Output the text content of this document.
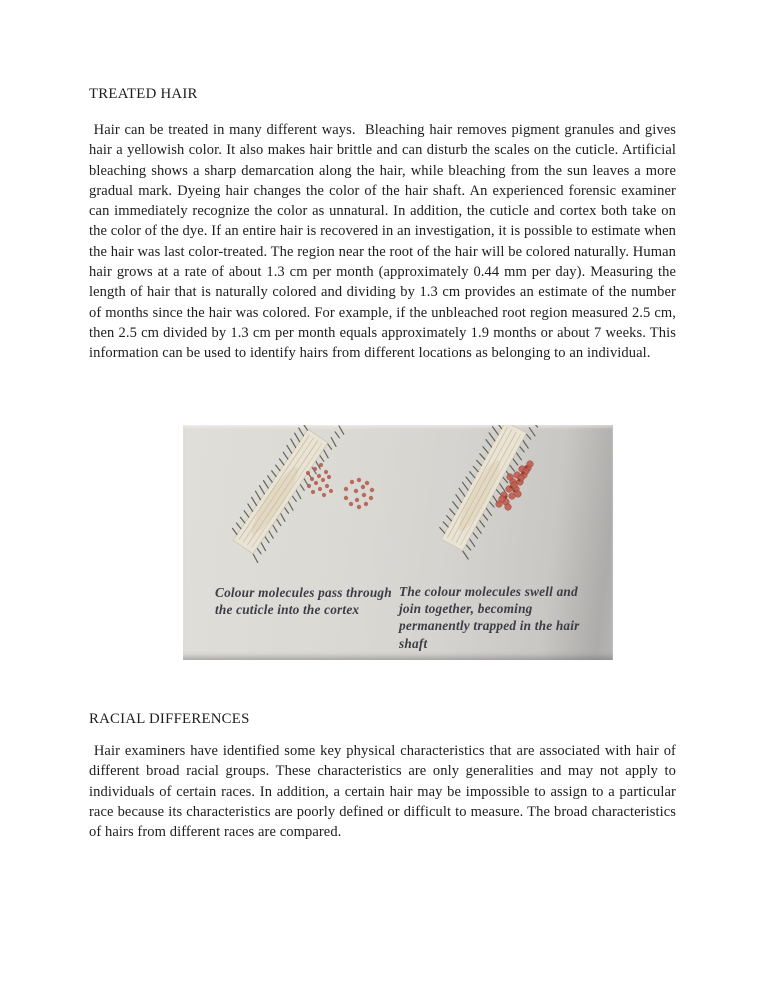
TREATED HAIR

Hair can be treated in many different ways.  Bleaching hair removes pigment granules and gives hair a yellowish color. It also makes hair brittle and can disturb the scales on the cuticle. Artificial bleaching shows a sharp demarcation along the hair, while bleaching from the sun leaves a more gradual mark. Dyeing hair changes the color of the hair shaft. An experienced forensic examiner can immediately recognize the color as unnatural. In addition, the cuticle and cortex both take on the color of the dye. If an entire hair is recovered in an investigation, it is possible to estimate when the hair was last color-treated. The region near the root of the hair will be colored naturally. Human hair grows at a rate of about 1.3 cm per month (approximately 0.44 mm per day). Measuring the length of hair that is naturally colored and dividing by 1.3 cm provides an estimate of the number of months since the hair was colored. For example, if the unbleached root region measured 2.5 cm, then 2.5 cm divided by 1.3 cm per month equals approximately 1.9 months or about 7 weeks. This information can be used to identify hairs from different locations as belonging to an individual.

Colour molecules pass through the cuticle into the cortex
The colour molecules swell and join together, becoming permanently trapped in the hair shaft
RACIAL DIFFERENCES

Hair examiners have identified some key physical characteristics that are associated with hair of different broad racial groups. These characteristics are only generalities and may not apply to individuals of certain races. In addition, a certain hair may be impossible to assign to a particular race because its characteristics are poorly defined or difficult to measure. The broad characteristics of hairs from different races are compared.
